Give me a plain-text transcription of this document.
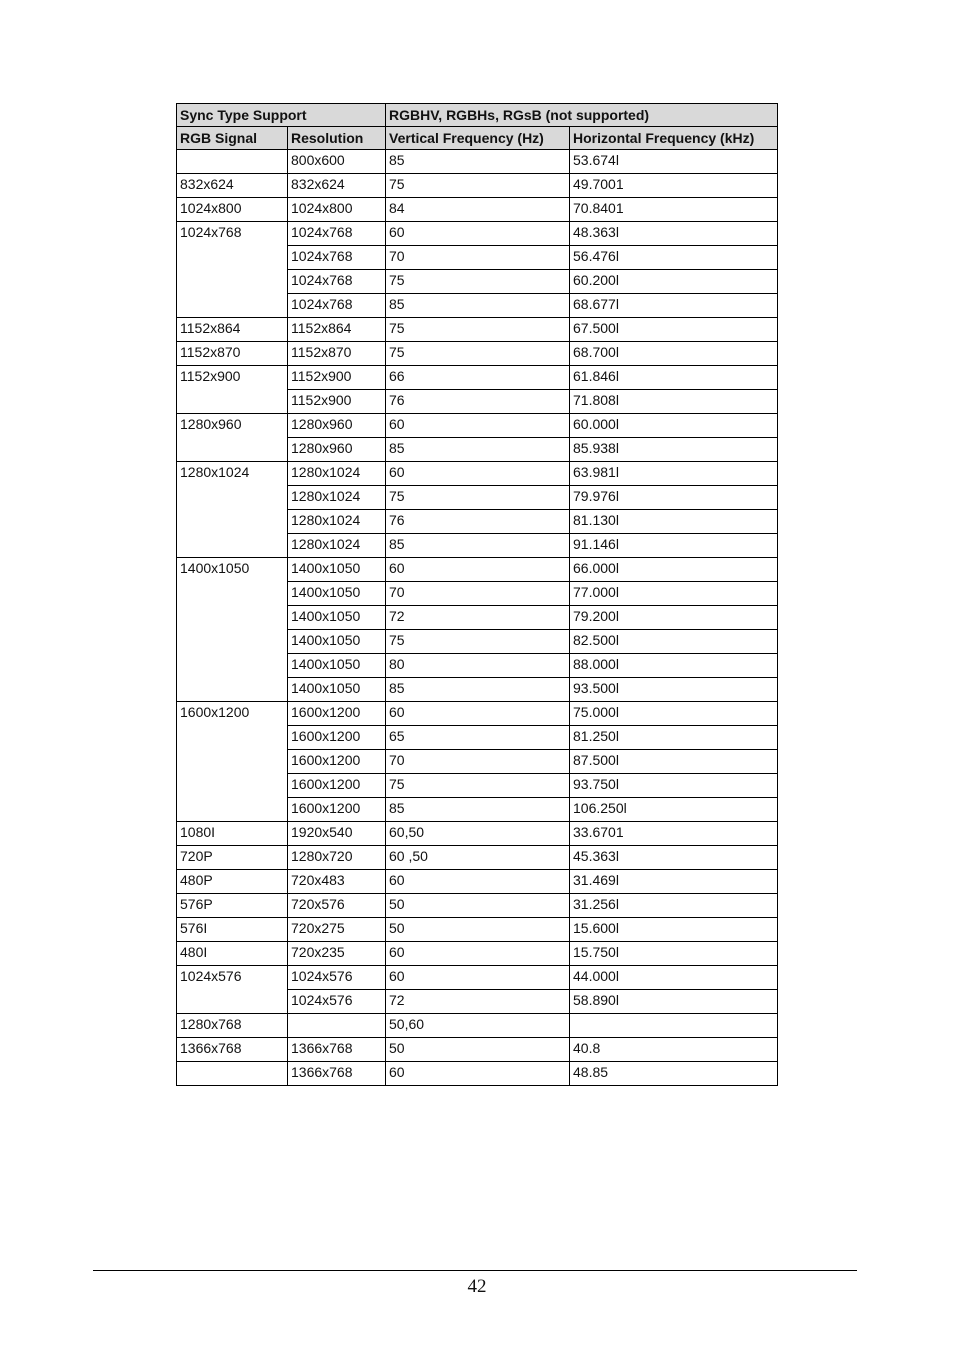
Sync Type Support		RGBHV, RGBHs, RGsB (not supported)	
RGB Signal	Resolution	Vertical Frequency (Hz)	Horizontal Frequency (kHz)
	800x600	85	53.674l
832x624	832x624	75	49.7001
1024x800	1024x800	84	70.8401
1024x768	1024x768	60	48.363l
	1024x768	70	56.476l
	1024x768	75	60.200l
	1024x768	85	68.677l
1152x864	1152x864	75	67.500l
1152x870	1152x870	75	68.700l
1152x900	1152x900	66	61.846l
	1152x900	76	71.808l
1280x960	1280x960	60	60.000l
	1280x960	85	85.938l
1280x1024	1280x1024	60	63.981l
	1280x1024	75	79.976l
	1280x1024	76	81.130l
	1280x1024	85	91.146l
1400x1050	1400x1050	60	66.000l
	1400x1050	70	77.000l
	1400x1050	72	79.200l
	1400x1050	75	82.500l
	1400x1050	80	88.000l
	1400x1050	85	93.500l
1600x1200	1600x1200	60	75.000l
	1600x1200	65	81.250l
	1600x1200	70	87.500l
	1600x1200	75	93.750l
	1600x1200	85	106.250l
1080I	1920x540	60,50	33.6701
720P	1280x720	60 ,50	45.363l
480P	720x483	60	31.469l
576P	720x576	50	31.256l
576I	720x275	50	15.600l
480I	720x235	60	15.750l
1024x576	1024x576	60	44.000l
	1024x576	72	58.890l
1280x768		50,60	
1366x768	1366x768	50	40.8
	1366x768	60	48.85
42
